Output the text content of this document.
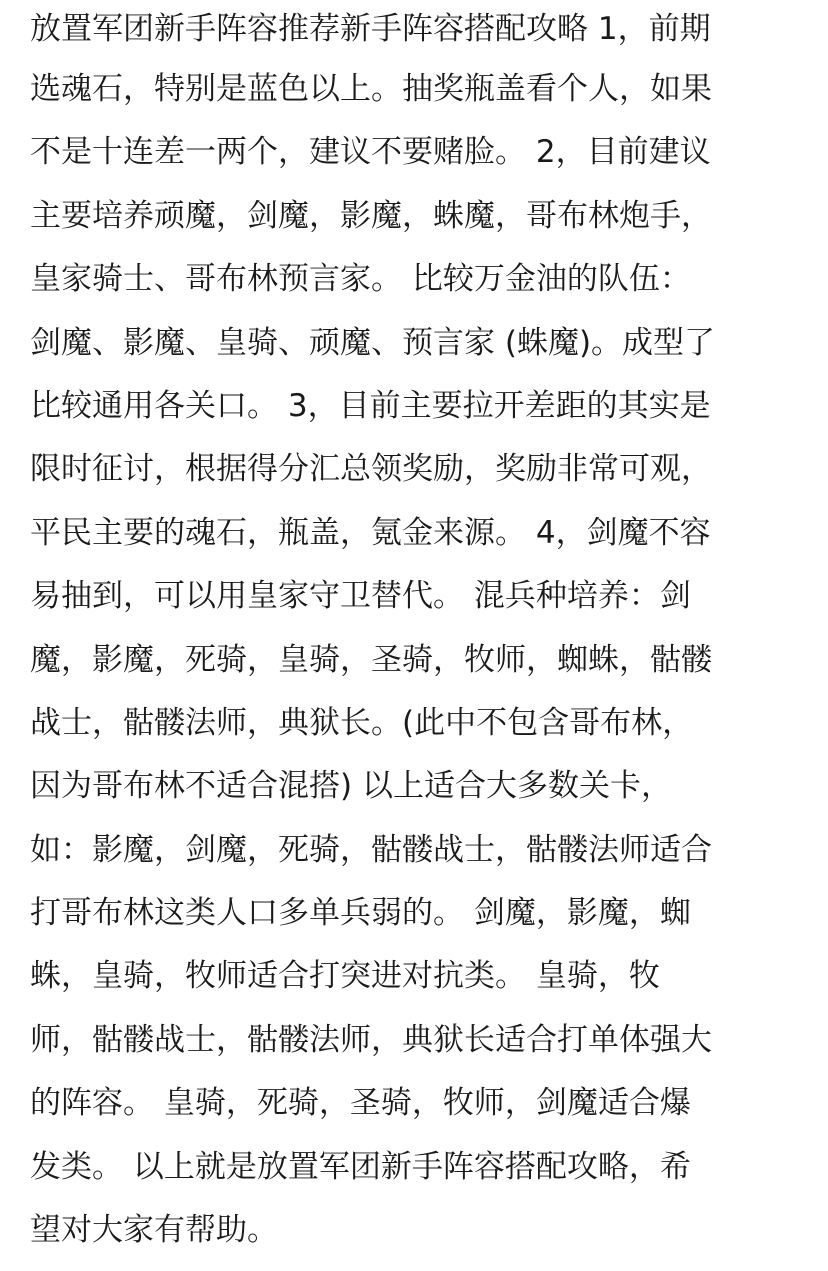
放置军团新手阵容推荐新手阵容搭配攻略 1，前期

选魂石，特别是蓝色以上。抽奖瓶盖看个人，如果

不是十连差一两个，建议不要赌脸。 2，目前建议

主要培养顽魔，剑魔，影魔，蛛魔，哥布林炮手，

皇家骑士、哥布林预言家。 比较万金油的队伍：

剑魔、影魔、皇骑、顽魔、预言家 (蛛魔)。成型了

比较通用各关口。 3，目前主要拉开差距的其实是

限时征讨，根据得分汇总领奖励，奖励非常可观，

平民主要的魂石，瓶盖，氪金来源。 4，剑魔不容

易抽到，可以用皇家守卫替代。 混兵种培养：剑

魔，影魔，死骑，皇骑，圣骑，牧师，蜘蛛，骷髅

战士，骷髅法师，典狱长。(此中不包含哥布林，

因为哥布林不适合混搭) 以上适合大多数关卡，

如：影魔，剑魔，死骑，骷髅战士，骷髅法师适合

打哥布林这类人口多单兵弱的。 剑魔，影魔，蜘

蛛，皇骑，牧师适合打突进对抗类。 皇骑，牧

师，骷髅战士，骷髅法师，典狱长适合打单体强大

的阵容。 皇骑，死骑，圣骑，牧师，剑魔适合爆

发类。 以上就是放置军团新手阵容搭配攻略，希

望对大家有帮助。
